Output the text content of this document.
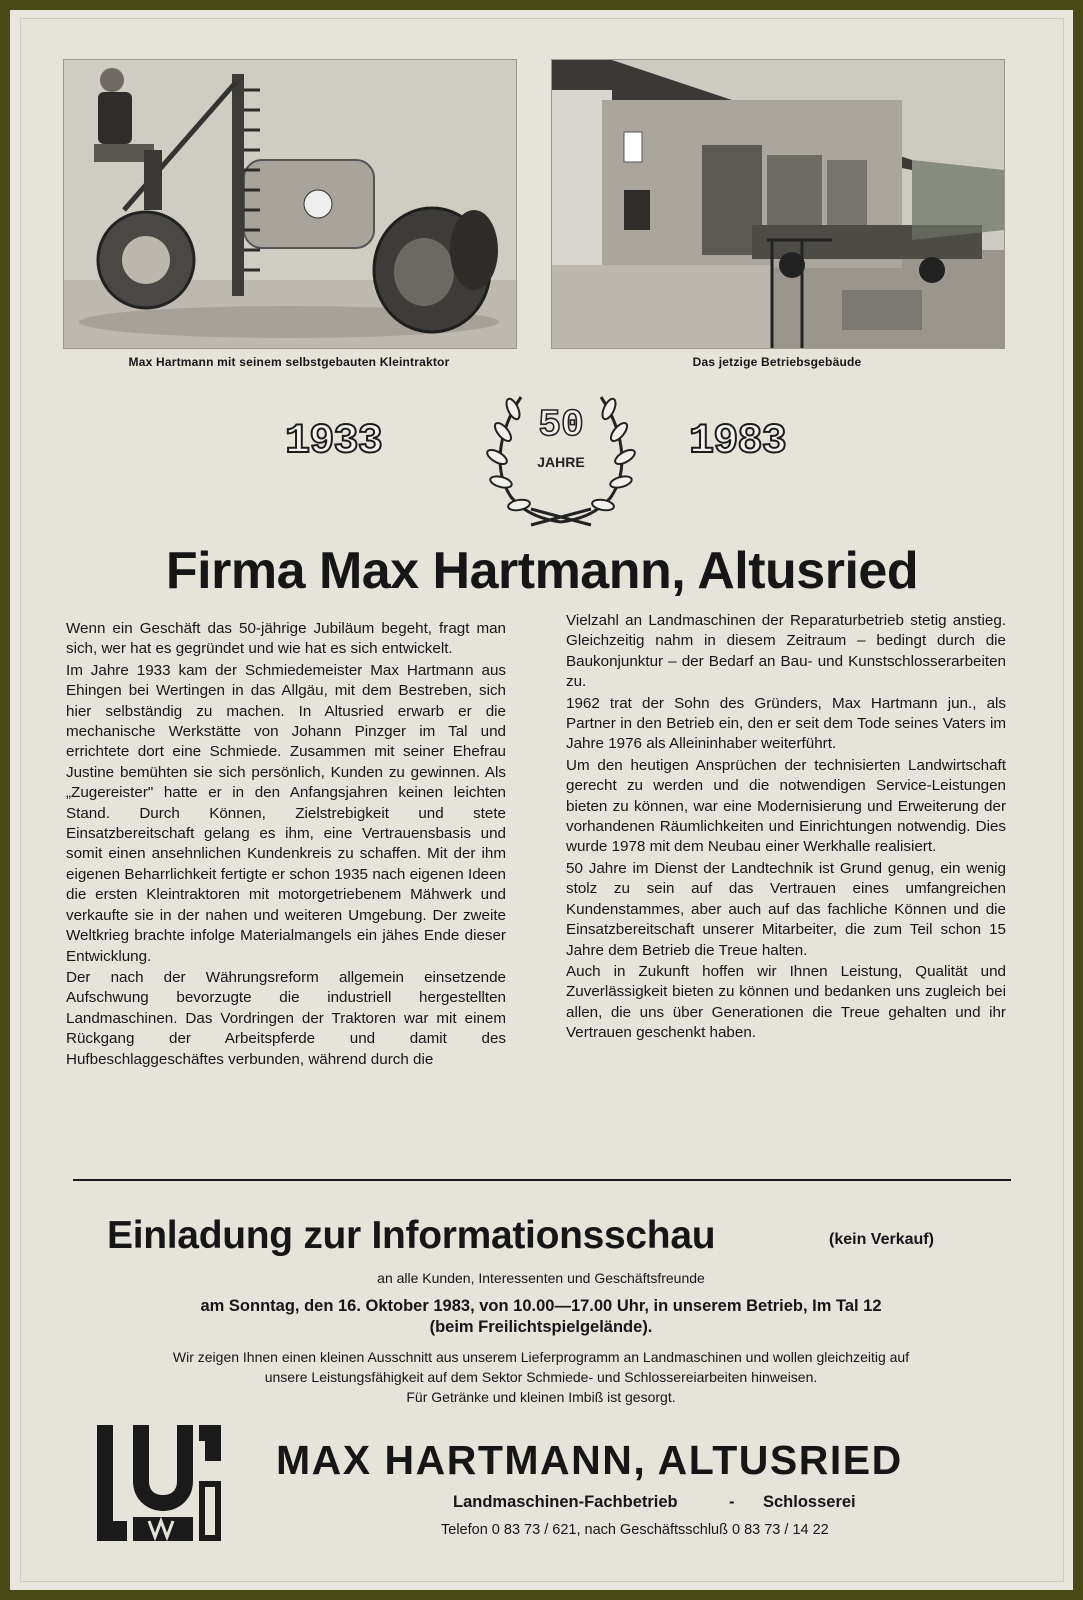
Max Hartmann mit seinem selbstgebauten Kleintraktor	Das jetzige Betriebsgebäude
1933	1983
50
JAHRE
Firma Max Hartmann, Altusried

Wenn ein Geschäft das 50-jährige Jubiläum begeht, fragt man sich, wer hat es gegründet und wie hat es sich entwickelt.

Im Jahre 1933 kam der Schmiedemeister Max Hartmann aus Ehingen bei Wertingen in das Allgäu, mit dem Bestreben, sich hier selbständig zu machen. In Altusried erwarb er die mechanische Werkstätte von Johann Pinzger im Tal und errichtete dort eine Schmiede. Zusammen mit seiner Ehefrau Justine bemühten sie sich persönlich, Kunden zu gewinnen. Als „Zugereister" hatte er in den Anfangsjahren keinen leichten Stand. Durch Können, Zielstrebigkeit und stete Einsatzbereitschaft gelang es ihm, eine Vertrauensbasis und somit einen ansehnlichen Kundenkreis zu schaffen. Mit der ihm eigenen Beharrlichkeit fertigte er schon 1935 nach eigenen Ideen die ersten Kleintraktoren mit motorgetriebenem Mähwerk und verkaufte sie in der nahen und weiteren Umgebung. Der zweite Weltkrieg brachte infolge Materialmangels ein jähes Ende dieser Entwicklung.

Der nach der Währungsreform allgemein einsetzende Aufschwung bevorzugte die industriell hergestellten Landmaschinen. Das Vordringen der Traktoren war mit einem Rückgang der Arbeitspferde und damit des Hufbeschlaggeschäftes verbunden, während durch die

Vielzahl an Landmaschinen der Reparaturbetrieb stetig anstieg. Gleichzeitig nahm in diesem Zeitraum – bedingt durch die Baukonjunktur – der Bedarf an Bau- und Kunstschlosserarbeiten zu.

1962 trat der Sohn des Gründers, Max Hartmann jun., als Partner in den Betrieb ein, den er seit dem Tode seines Vaters im Jahre 1976 als Alleininhaber weiterführt.

Um den heutigen Ansprüchen der technisierten Landwirtschaft gerecht zu werden und die notwendigen Service-Leistungen bieten zu können, war eine Modernisierung und Erweiterung der vorhandenen Räumlichkeiten und Einrichtungen notwendig. Dies wurde 1978 mit dem Neubau einer Werkhalle realisiert.

50 Jahre im Dienst der Landtechnik ist Grund genug, ein wenig stolz zu sein auf das Vertrauen eines umfangreichen Kundenstammes, aber auch auf das fachliche Können und die Einsatzbereitschaft unserer Mitarbeiter, die zum Teil schon 15 Jahre dem Betrieb die Treue halten.

Auch in Zukunft hoffen wir Ihnen Leistung, Qualität und Zuverlässigkeit bieten zu können und bedanken uns zugleich bei allen, die uns über Generationen die Treue gehalten und ihr Vertrauen geschenkt haben.

Einladung zur Informationsschau	(kein Verkauf)
an alle Kunden, Interessenten und Geschäftsfreunde
am Sonntag, den 16. Oktober 1983, von 10.00—17.00 Uhr, in unserem Betrieb, Im Tal 12
(beim Freilichtspielgelände).
Wir zeigen Ihnen einen kleinen Ausschnitt aus unserem Lieferprogramm an Landmaschinen und wollen gleichzeitig auf
unsere Leistungsfähigkeit auf dem Sektor Schmiede- und Schlossereiarbeiten hinweisen.
Für Getränke und kleinen Imbiß ist gesorgt.
MAX HARTMANN, ALTUSRIED
Landmaschinen-Fachbetrieb	- Schlosserei
Telefon 0 83 73 / 621, nach Geschäftsschluß 0 83 73 / 14 22
